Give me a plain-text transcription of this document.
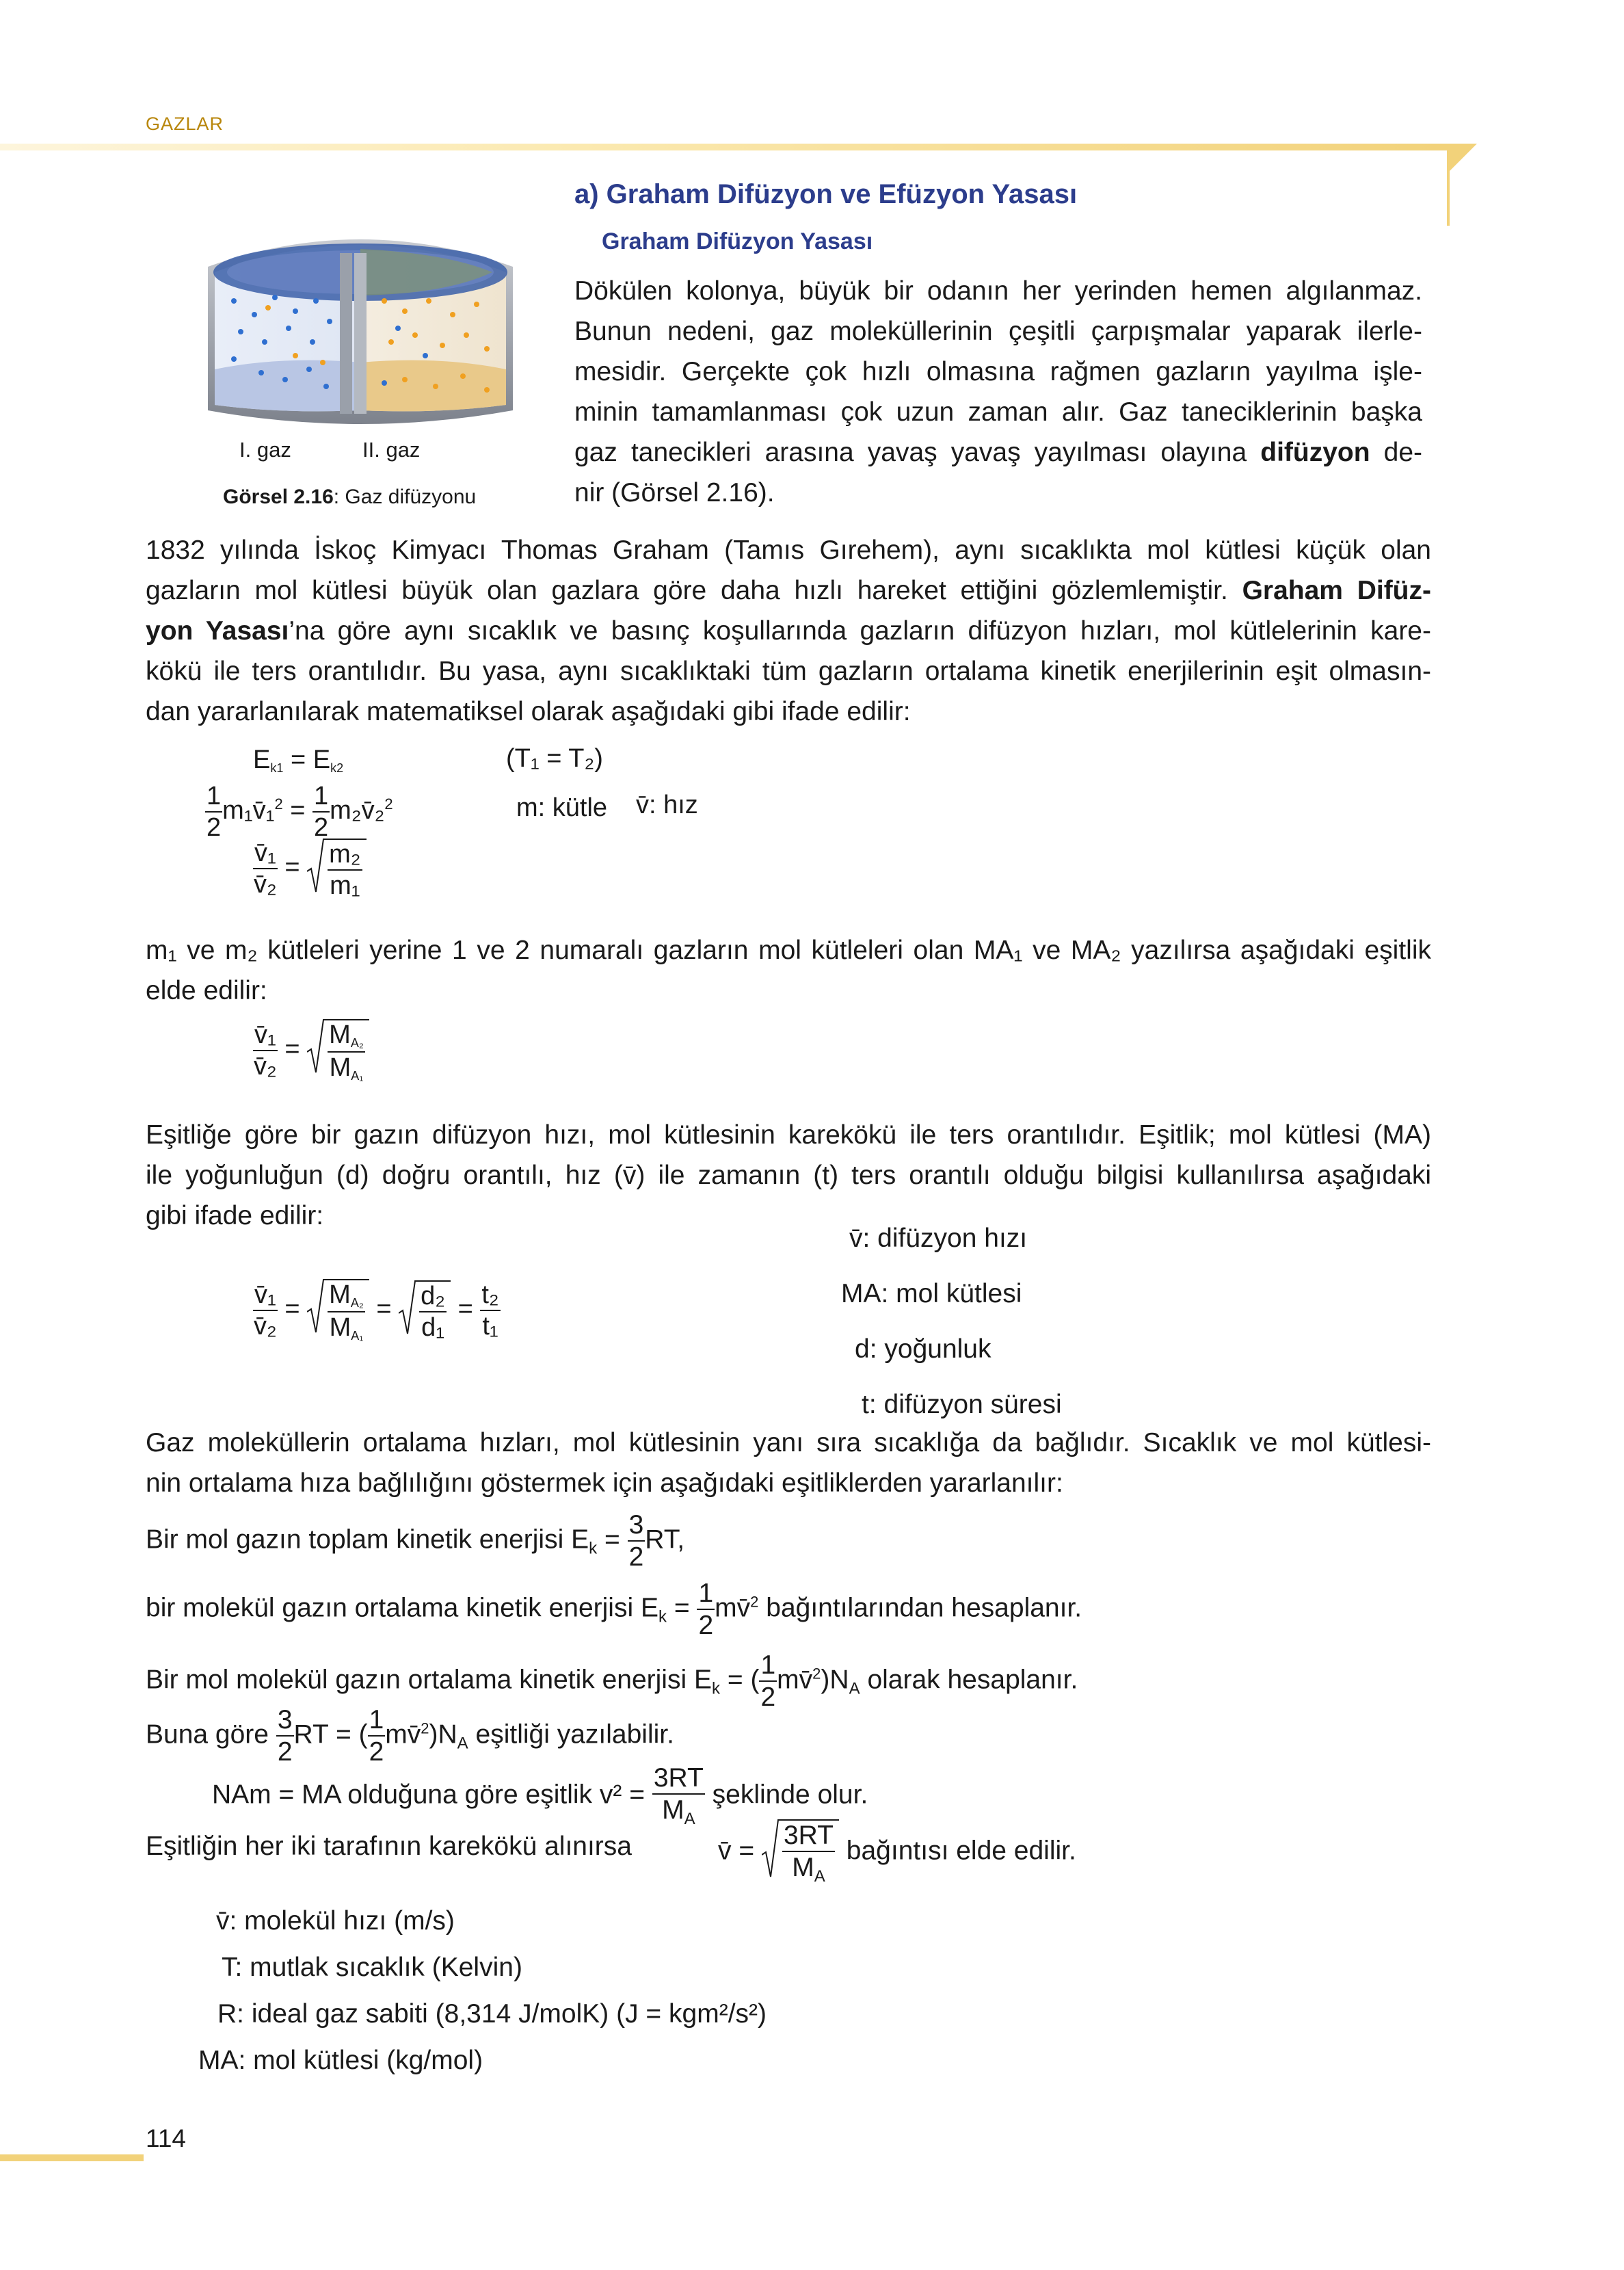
GAZLAR
a) Graham Difüzyon ve Efüzyon Yasası
Graham Difüzyon Yasası
I. gaz	II. gaz
Görsel 2.16: Gaz difüzyonu
Dökülen kolonya, büyük bir odanın her yerinden hemen algılanmaz.
Bunun nedeni, gaz moleküllerinin çeşitli çarpışmalar yaparak ilerle-
mesidir. Gerçekte çok hızlı olmasına rağmen gazların yayılma işle-
minin tamamlanması çok uzun zaman alır. Gaz taneciklerinin başka
gaz tanecikleri arasına yavaş yavaş yayılması olayına difüzyon de-
nir (Görsel 2.16).
1832 yılında İskoç Kimyacı Thomas Graham (Tamıs Gırehem), aynı sıcaklıkta mol kütlesi küçük olan
gazların mol kütlesi büyük olan gazlara göre daha hızlı hareket ettiğini gözlemlemiştir. Graham Difüz-
yon Yasası’na göre aynı sıcaklık ve basınç koşullarında gazların difüzyon hızları, mol kütlelerinin kare-
kökü ile ters orantılıdır. Bu yasa, aynı sıcaklıktaki tüm gazların ortalama kinetik enerjilerinin eşit olmasın-
dan yararlanılarak matematiksel olarak aşağıdaki gibi ifade edilir:
Ek1 = Ek2	(T₁ = T₂)
$\frac{1}{2}$ m₁v̄₁$^2$ = $\frac{1}{2}$ m₂v̄₂$^2$	m: kütle v̄: hız
$\frac{\text{v̄₁}}{\text{v̄₂}} = \frac{\text{m₂}}{\text{m₁}}$
m₁ ve m₂ kütleleri yerine 1 ve 2 numaralı gazların mol kütleleri olan MA₁ ve MA₂ yazılırsa aşağıdaki eşitlik
elde edilir:
$\frac{\text{v̄₁}}{\text{v̄₂}} = \frac{\text{MA₂}}{\text{MA₁}}$
Eşitliğe göre bir gazın difüzyon hızı, mol kütlesinin karekökü ile ters orantılıdır. Eşitlik; mol kütlesi (MA)
ile yoğunluğun (d) doğru orantılı, hız (v̄) ile zamanın (t) ters orantılı olduğu bilgisi kullanılırsa aşağıdaki
gibi ifade edilir:
$\frac{\text{v̄₁}}{\text{v̄₂}} = \frac{\text{MA₂}}{\text{MA₁}} = \frac{\text{d₂}}{\text{d₁}} = \frac{\text{t₂}}{\text{t₁}}$
v̄: difüzyon hızı
MA: mol kütlesi
d: yoğunluk
t: difüzyon süresi
Gaz moleküllerin ortalama hızları, mol kütlesinin yanı sıra sıcaklığa da bağlıdır. Sıcaklık ve mol kütlesi-
nin ortalama hıza bağlılığını göstermek için aşağıdaki eşitliklerden yararlanılır:
Bir mol gazın toplam kinetik enerjisi $E_k = \frac{3}{2}$ RT,
bir molekül gazın ortalama kinetik enerjisi $E_k = \frac{1}{2}$ mv̄$^2$ bağıntılarından hesaplanır.
Bir mol molekül gazın ortalama kinetik enerjisi $E_k$ = ( $\frac{1}{2}$ $mv̄^2)N_A$ olarak hesaplanır.
Buna göre $\frac{3}{2}$ RT = ( $\frac{1}{2}$ $mv̄^2)N_A$ eşitliği yazılabilir.
NAm = MA olduğuna göre eşitlik $v^2 = \frac{3RT}{M_A}$ şeklinde olur.
Eşitliğin her iki tarafının karekökü alınırsa	v̄ = $\frac{3RT}{M_A}$ bağıntısı elde edilir.
v̄: molekül hızı (m/s)
T: mutlak sıcaklık (Kelvin)
R: ideal gaz sabiti (8,314 J/molK) (J = kgm²/s²)
MA: mol kütlesi (kg/mol)
114
